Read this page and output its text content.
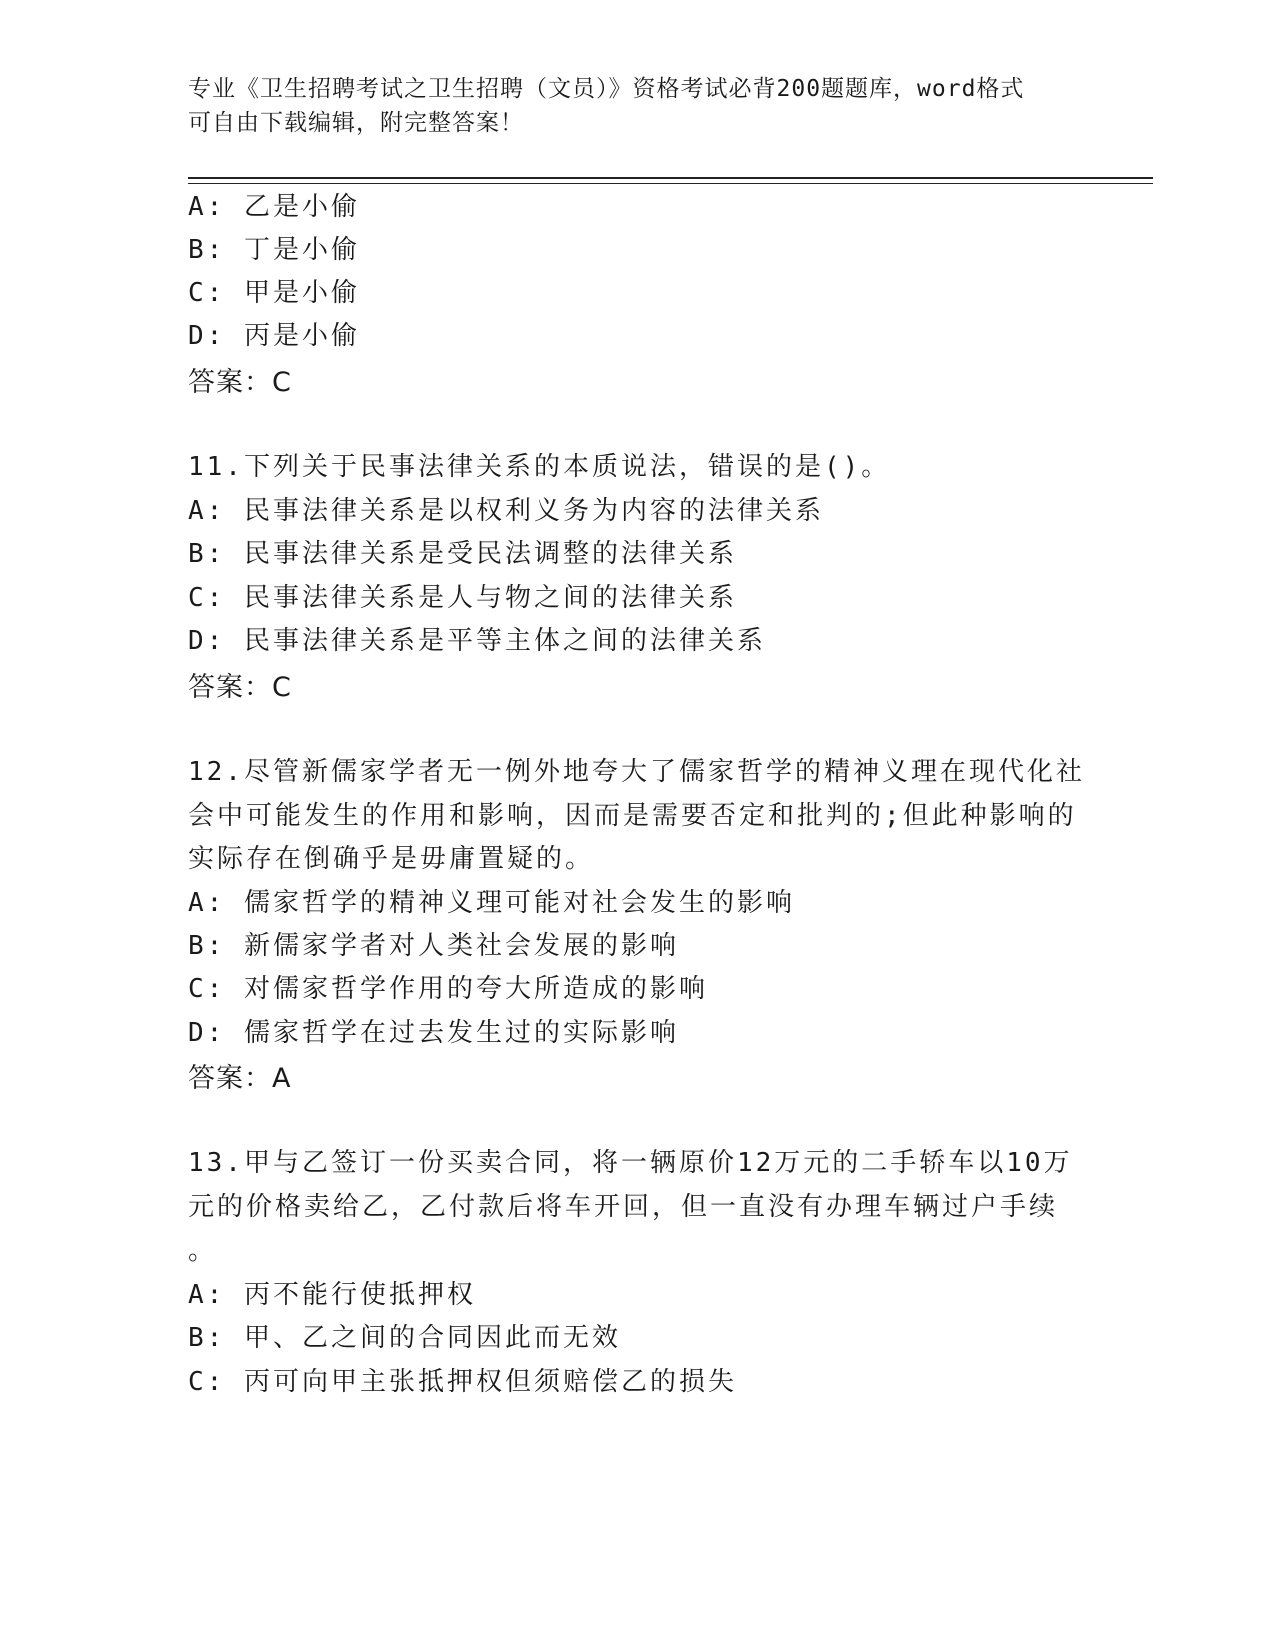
专业《卫生招聘考试之卫生招聘（文员）》资格考试必背200题题库，word格式
可自由下载编辑，附完整答案！
A: 乙是小偷
B: 丁是小偷
C: 甲是小偷
D: 丙是小偷
答案：C
11.下列关于民事法律关系的本质说法，错误的是()。
A: 民事法律关系是以权利义务为内容的法律关系
B: 民事法律关系是受民法调整的法律关系
C: 民事法律关系是人与物之间的法律关系
D: 民事法律关系是平等主体之间的法律关系
答案：C
12.尽管新儒家学者无一例外地夸大了儒家哲学的精神义理在现代化社
会中可能发生的作用和影响，因而是需要否定和批判的;但此种影响的
实际存在倒确乎是毋庸置疑的。
A: 儒家哲学的精神义理可能对社会发生的影响
B: 新儒家学者对人类社会发展的影响
C: 对儒家哲学作用的夸大所造成的影响
D: 儒家哲学在过去发生过的实际影响
答案：A
13.甲与乙签订一份买卖合同，将一辆原价12万元的二手轿车以10万
元的价格卖给乙，乙付款后将车开回，但一直没有办理车辆过户手续
。
A: 丙不能行使抵押权
B: 甲、乙之间的合同因此而无效
C: 丙可向甲主张抵押权但须赔偿乙的损失
